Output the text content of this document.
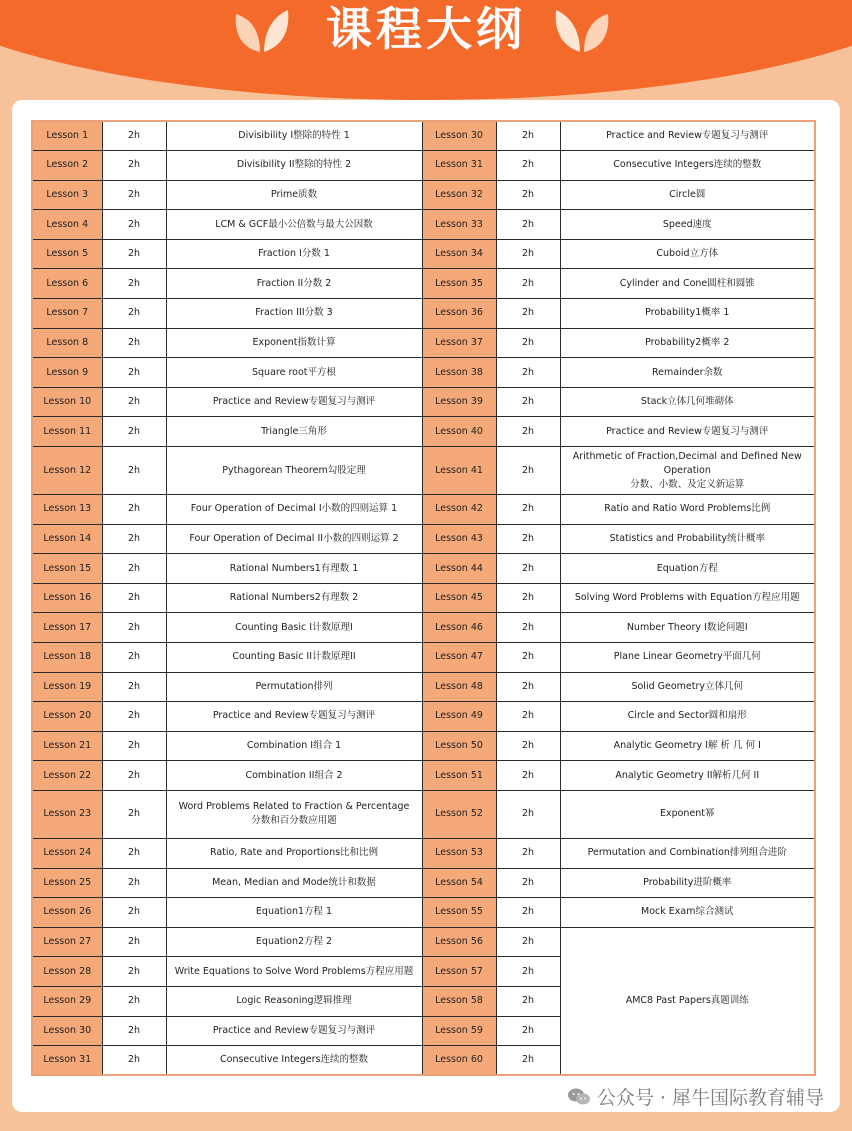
课程大纲
Lesson 1	2h	Divisibility I整除的特性 1	Lesson 30	2h	Practice and Review专题复习与测评
Lesson 2	2h	Divisibility II整除的特性 2	Lesson 31	2h	Consecutive Integers连续的整数
Lesson 3	2h	Prime质数	Lesson 32	2h	Circle圆
Lesson 4	2h	LCM & GCF最小公倍数与最大公因数	Lesson 33	2h	Speed速度
Lesson 5	2h	Fraction I分数 1	Lesson 34	2h	Cuboid立方体
Lesson 6	2h	Fraction II分数 2	Lesson 35	2h	Cylinder and Cone圆柱和圆锥
Lesson 7	2h	Fraction III分数 3	Lesson 36	2h	Probability1概率 1
Lesson 8	2h	Exponent指数计算	Lesson 37	2h	Probability2概率 2
Lesson 9	2h	Square root平方根	Lesson 38	2h	Remainder余数
Lesson 10	2h	Practice and Review专题复习与测评	Lesson 39	2h	Stack立体几何堆砌体
Lesson 11	2h	Triangle三角形	Lesson 40	2h	Practice and Review专题复习与测评
Lesson 12	2h	Pythagorean Theorem勾股定理	Lesson 41	2h	Arithmetic of Fraction,Decimal and Defined New Operation
分数、小数、及定义新运算

Lesson 13	2h	Four Operation of Decimal I小数的四则运算 1	Lesson 42	2h	Ratio and Ratio Word Problems比例
Lesson 14	2h	Four Operation of Decimal II小数的四则运算 2	Lesson 43	2h	Statistics and Probability统计概率
Lesson 15	2h	Rational Numbers1有理数 1	Lesson 44	2h	Equation方程
Lesson 16	2h	Rational Numbers2有理数 2	Lesson 45	2h	Solving Word Problems with Equation方程应用题
Lesson 17	2h	Counting Basic I计数原理I	Lesson 46	2h	Number Theory I数论问题I
Lesson 18	2h	Counting Basic II计数原理II	Lesson 47	2h	Plane Linear Geometry平面几何
Lesson 19	2h	Permutation排列	Lesson 48	2h	Solid Geometry立体几何
Lesson 20	2h	Practice and Review专题复习与测评	Lesson 49	2h	Circle and Sector圆和扇形
Lesson 21	2h	Combination I组合 1	Lesson 50	2h	Analytic Geometry I解 析 几 何 I
Lesson 22	2h	Combination II组合 2	Lesson 51	2h	Analytic Geometry II解析几何 II
Lesson 23	2h	Word Problems Related to Fraction & Percentage
分数和百分数应用题	Lesson 52	2h	Exponent幂
Lesson 24	2h	Ratio, Rate and Proportions比和比例	Lesson 53	2h	Permutation and Combination排列组合进阶
Lesson 25	2h	Mean, Median and Mode统计和数据	Lesson 54	2h	Probability进阶概率
Lesson 26	2h	Equation1方程 1	Lesson 55	2h	Mock Exam综合测试
Lesson 27	2h	Equation2方程 2	Lesson 56	2h	AMC8 Past Papers真题训练
Lesson 28	2h	Write Equations to Solve Word Problems方程应用题	Lesson 57	2h	
Lesson 29	2h	Logic Reasoning逻辑推理	Lesson 58	2h	
Lesson 30	2h	Practice and Review专题复习与测评	Lesson 59	2h	
Lesson 31	2h	Consecutive Integers连续的整数	Lesson 60	2h	
公众号 · 犀牛国际教育辅导
